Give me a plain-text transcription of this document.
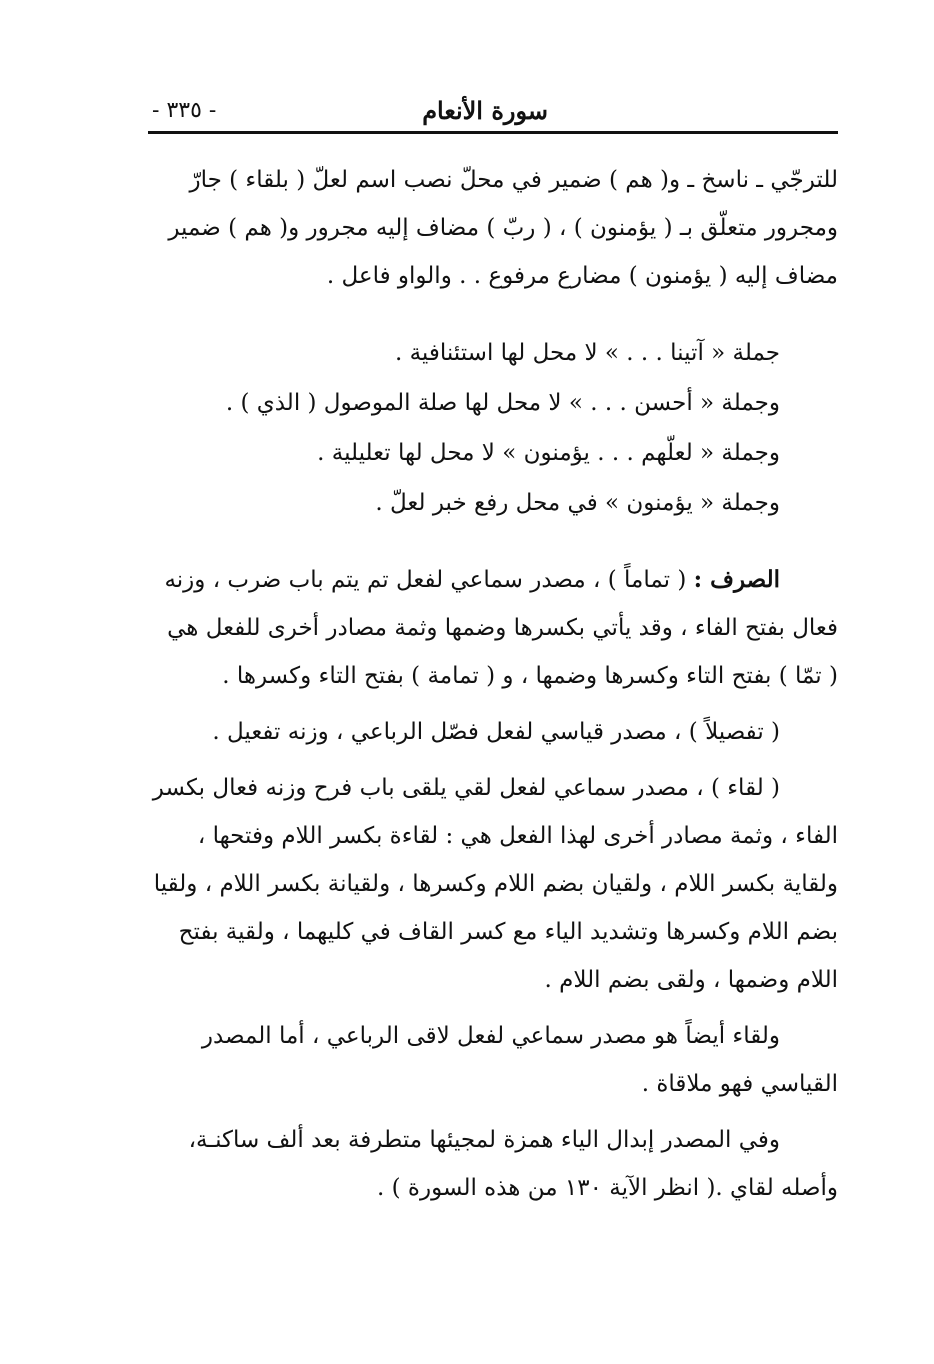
سورة الأنعام
- ٣٣٥ -

للترجّي ـ ناسخ ـ و( هم ) ضمير في محلّ نصب اسم لعلّ ( بلقاء ) جارّ

ومجرور متعلّق بـ ( يؤمنون ) ، ( ربّ ) مضاف إليه مجرور و( هم ) ضمير

مضاف إليه ( يؤمنون ) مضارع مرفوع . . والواو فاعل .

جملة « آتينا . . . » لا محل لها استئنافية .

وجملة « أحسن . . . » لا محل لها صلة الموصول ( الذي ) .

وجملة « لعلّهم . . . يؤمنون » لا محل لها تعليلية .

وجملة « يؤمنون » في محل رفع خبر لعلّ .

الصرف : ( تماماً ) ، مصدر سماعي لفعل تم يتم باب ضرب ، وزنه

فعال بفتح الفاء ، وقد يأتي بكسرها وضمها وثمة مصادر أخرى للفعل هي

( تمّا ) بفتح التاء وكسرها وضمها ، و ( تمامة ) بفتح التاء وكسرها .

( تفصيلاً ) ، مصدر قياسي لفعل فصّل الرباعي ، وزنه تفعيل .

( لقاء ) ، مصدر سماعي لفعل لقي يلقى باب فرح وزنه فعال بكسر

الفاء ، وثمة مصادر أخرى لهذا الفعل هي : لقاءة بكسر اللام وفتحها ،

ولقاية بكسر اللام ، ولقيان بضم اللام وكسرها ، ولقيانة بكسر اللام ، ولقيا

بضم اللام وكسرها وتشديد الياء مع كسر القاف في كليهما ، ولقية بفتح

اللام وضمها ، ولقى بضم اللام .

ولقاء أيضاً هو مصدر سماعي لفعل لاقى الرباعي ، أما المصدر

القياسي فهو ملاقاة .

وفي المصدر إبدال الياء همزة لمجيئها متطرفة بعد ألف ساكنـة،

وأصله لقاي .( انظر الآية ١٣٠ من هذه السورة ) .
